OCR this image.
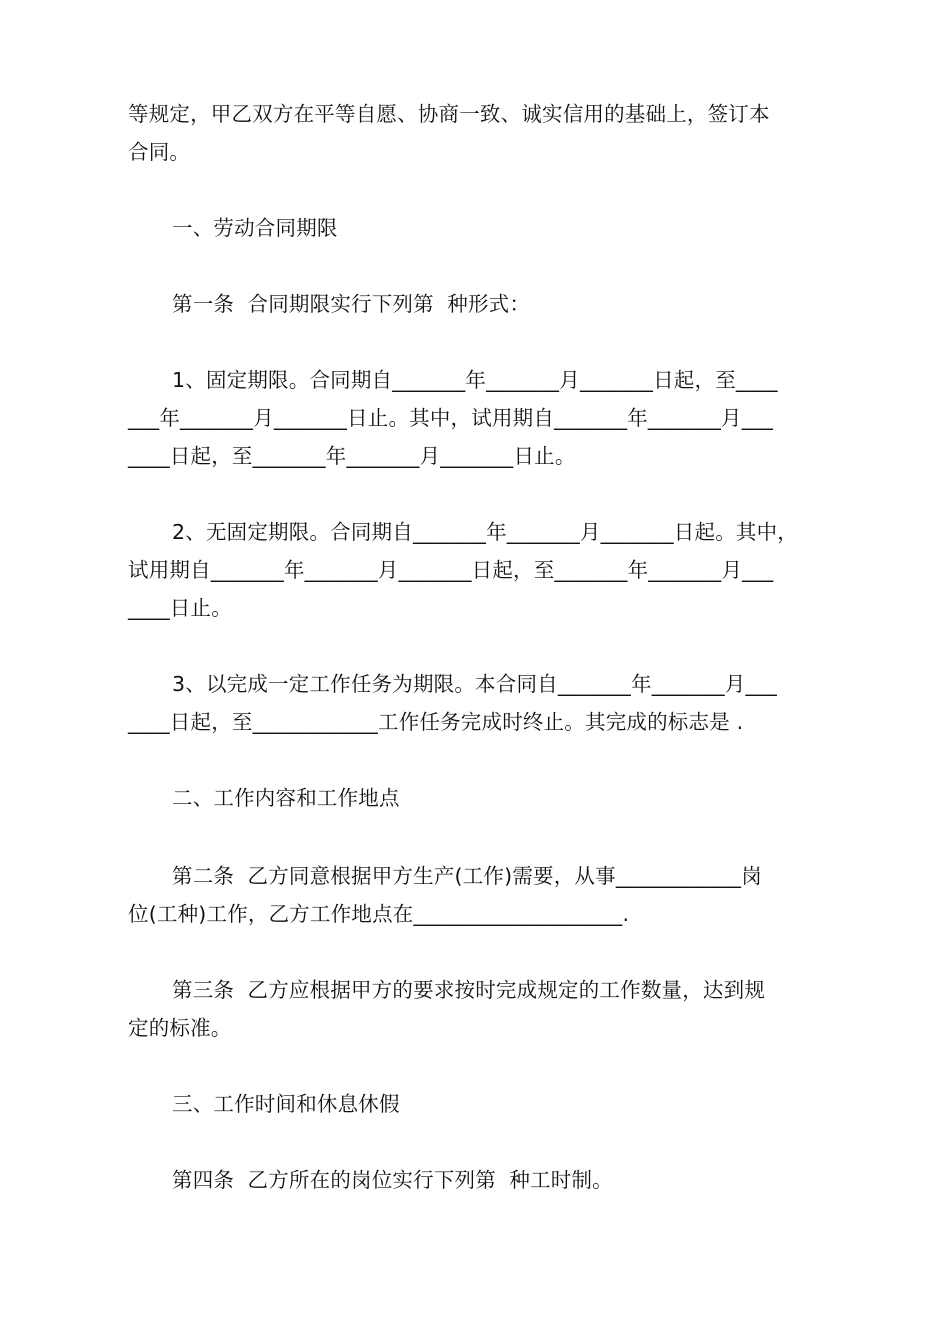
等规定，甲乙双方在平等自愿、协商一致、诚实信用的基础上，签订本
合同。
一、劳动合同期限
第一条  合同期限实行下列第  种形式：
1、固定期限。合同期自_______年_______月_______日起，至____
___年_______月_______日止。其中，试用期自_______年_______月___
____日起，至_______年_______月_______日止。
2、无固定期限。合同期自_______年_______月_______日起。其中，
试用期自_______年_______月_______日起，至_______年_______月___
____日止。
3、以完成一定工作任务为期限。本合同自_______年_______月___
____日起，至____________工作任务完成时终止。其完成的标志是 .
二、工作内容和工作地点
第二条  乙方同意根据甲方生产(工作)需要，从事____________岗
位(工种)工作，乙方工作地点在____________________.
第三条  乙方应根据甲方的要求按时完成规定的工作数量，达到规
定的标准。
三、工作时间和休息休假
第四条  乙方所在的岗位实行下列第  种工时制。
